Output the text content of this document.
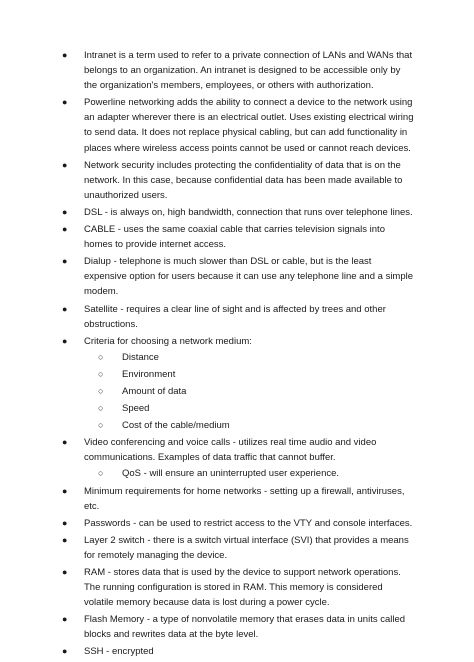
●	Intranet is a term used to refer to a private connection of LANs and WANs that belongs to an organization. An intranet is designed to be accessible only by the organization's members, employees, or others with authorization.
●	Powerline networking adds the ability to connect a device to the network using an adapter wherever there is an electrical outlet. Uses existing electrical wiring to send data. It does not replace physical cabling, but can add functionality in places where wireless access points cannot be used or cannot reach devices.
●	Network security includes protecting the confidentiality of data that is on the network. In this case, because confidential data has been made available to unauthorized users.
●	DSL - is always on, high bandwidth, connection that runs over telephone lines.
●	CABLE - uses the same coaxial cable that carries television signals into homes to provide internet access.
●	Dialup - telephone is much slower than DSL or cable, but is the least expensive option for users because it can use any telephone line and a simple modem.
●	Satellite - requires a clear line of sight and is affected by trees and other obstructions.
●	Criteria for choosing a network medium:
○	Distance
○	Environment
○	Amount of data
○	Speed
○	Cost of the cable/medium
●	Video conferencing and voice calls - utilizes real time audio and video communications. Examples of data traffic that cannot buffer.
○	QoS - will ensure an uninterrupted user experience.
●	Minimum requirements for home networks - setting up a firewall, antiviruses, etc.
●	Passwords - can be used to restrict access to the VTY and console interfaces.
●	Layer 2 switch - there is a switch virtual interface (SVI) that provides a means for remotely managing the device.
●	RAM - stores data that is used by the device to support network operations. The running configuration is stored in RAM. This memory is considered volatile memory because data is lost during a power cycle.
●	Flash Memory - a type of nonvolatile memory that erases data in units called blocks and rewrites data at the byte level.
●	SSH - encrypted
